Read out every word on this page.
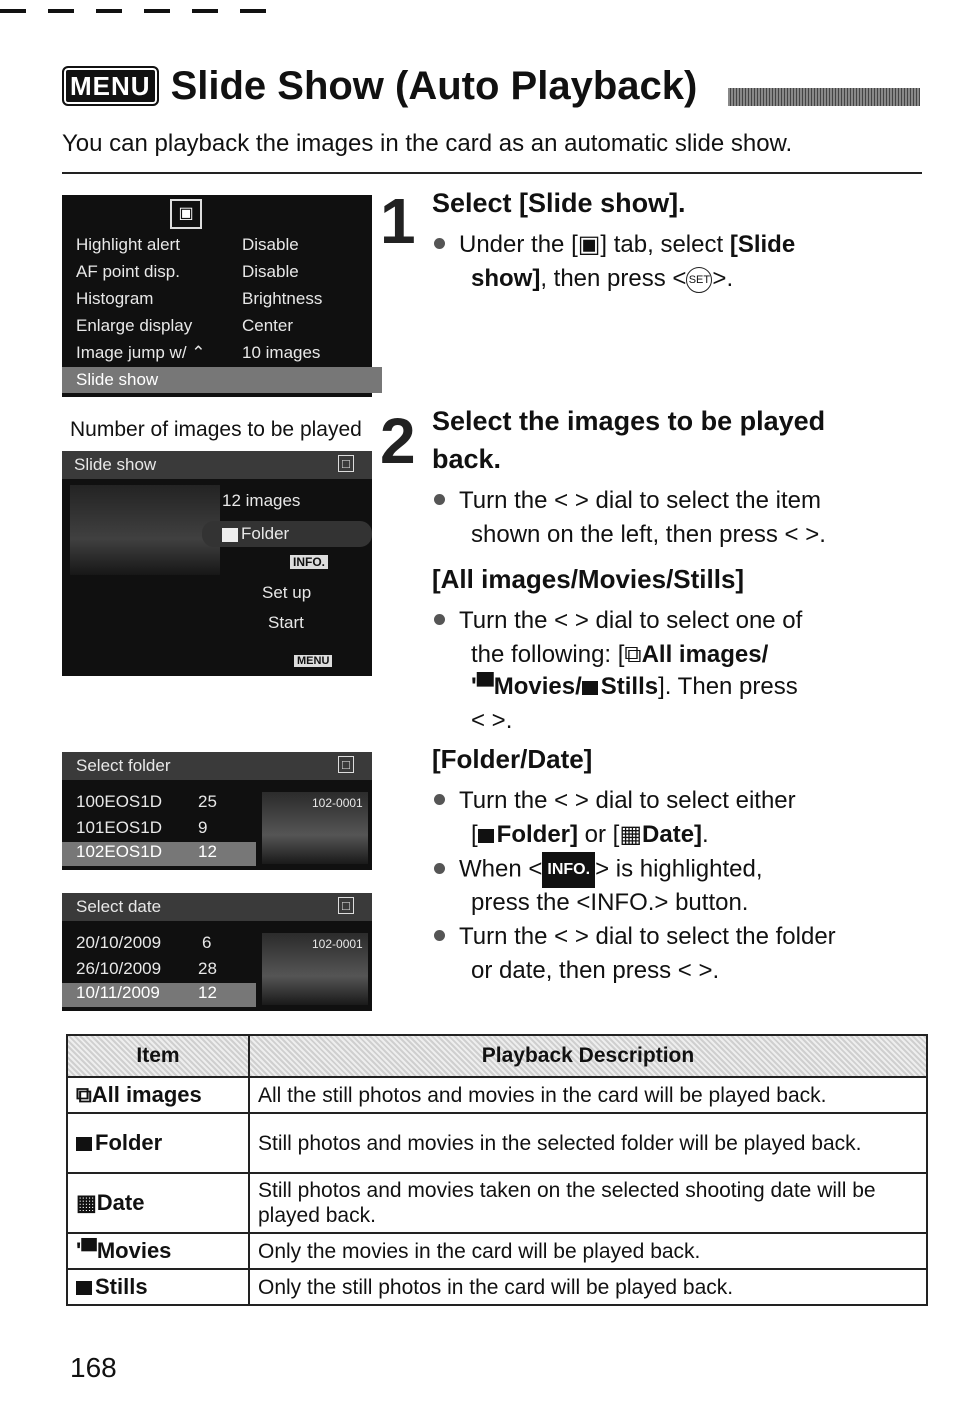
MENU Slide Show (Auto Playback)
You can playback the images in the card as an automatic slide show.
▣
Highlight alert	Disable
AF point disp.	Disable
Histogram	Brightness
Enlarge display	Center
Image jump w/ ⌃ 10 images
Slide show
1 Select [Slide show].
Under the [▣] tab, select [Slide
show], then press < SET>.
Number of images to be played
Slide show	□
12 images
Folder
INFO.
Set up
Start
MENU
2 Select the images to be played
back.
Turn the < > dial to select the item
shown on the left, then press < >.
[All images/Movies/Stills]
Turn the < > dial to select one of
the following: [⧉All images/
'▀Movies/ Stills]. Then press
< >.
[Folder/Date]
Turn the < > dial to select either
[ Folder] or [▦Date].
When < INFO. > is highlighted,
press the <INFO.> button.
Turn the < > dial to select the folder
or date, then press < >.
Select folder	□
100EOS1D 25
101EOS1D 9
102EOS1D 12
102-0001
Select date	□
20/10/2009 6
26/10/2009 28
10/11/2009 12
102-0001
Item	Playback Description
⧉All images	All the still photos and movies in the card will be played back.
Folder	Still photos and movies in the selected folder will be played back.
▦Date	Still photos and movies taken on the selected shooting date will be played back.
'▀Movies	Only the movies in the card will be played back.
Stills	Only the still photos in the card will be played back.
168
